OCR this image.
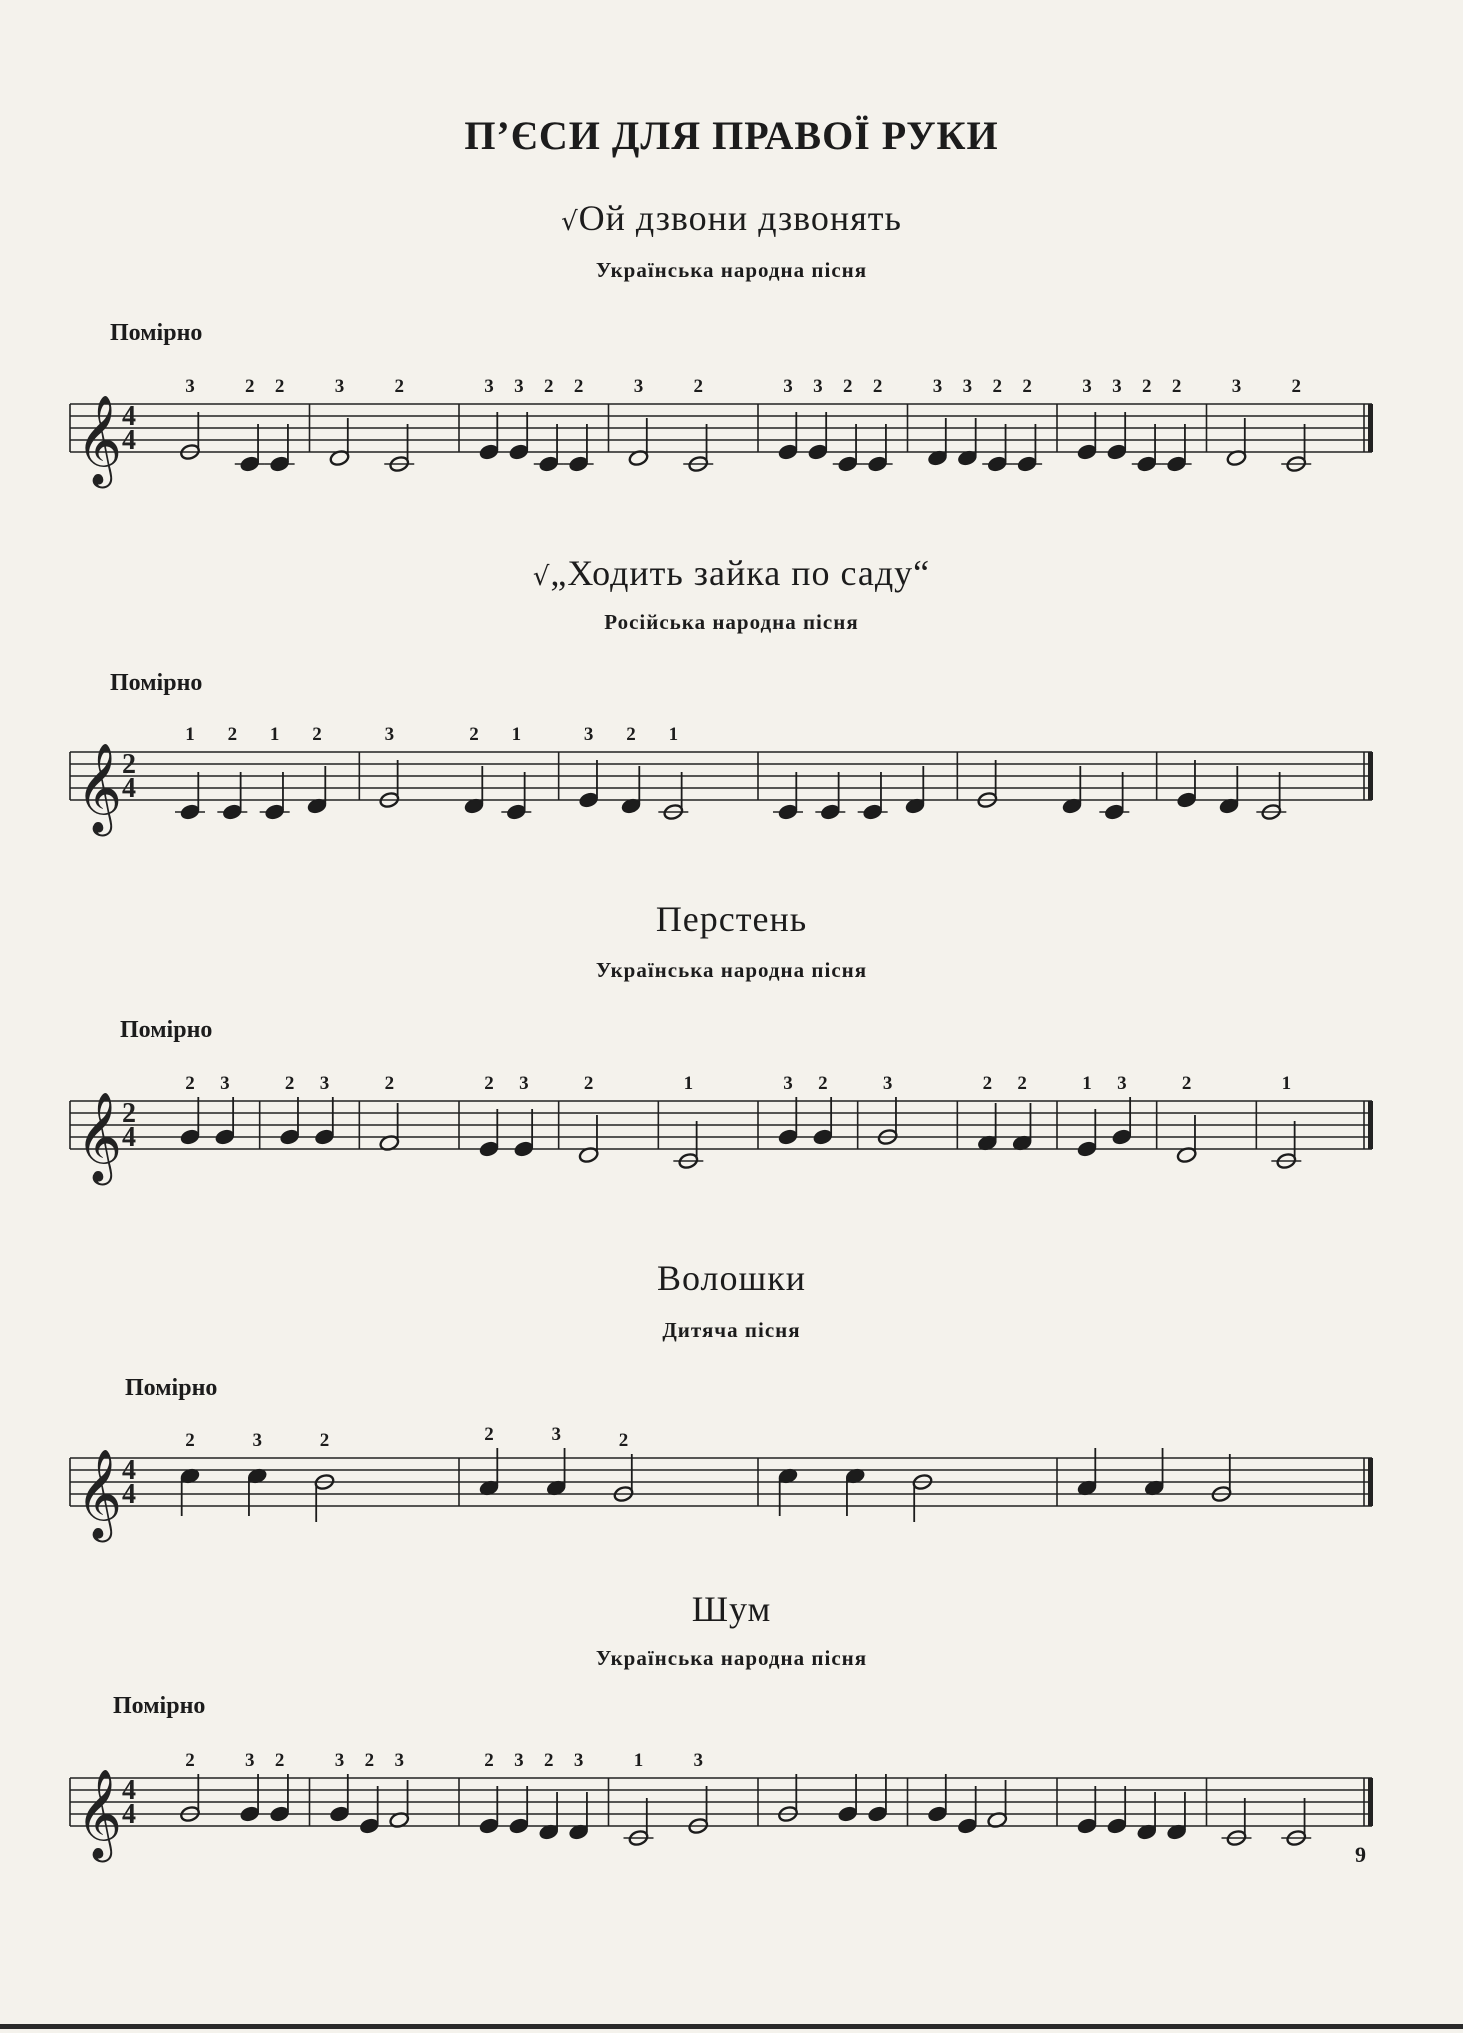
П’ЄСИ ДЛЯ ПРАВОЇ РУКИ
√Ой дзвони дзвонять
Українська народна пісня
Помірно
𝄞 4
4
3	2 2	3	2	3 3 2 2	3	2	3 3 2 2	3 3 2 2	3 3 2 2	3	2
√„Ходить зайка по саду“
Російська народна пісня
Помірно
𝄞 2
4
1 2 1 2	3	2 1	3 2 1
Перстень
Українська народна пісня
Помірно
𝄞 2
4
2 3	2 3	2	2 3	2	1	3 2	3	2 2	1 3	2	1
Волошки
Дитяча пісня
Помірно
𝄞 4
4
2	3	2	2	3	2
Шум
Українська народна пісня
Помірно
𝄞 4
4
2	3 2	3 2 3	2 3 2 3	1	3
9
